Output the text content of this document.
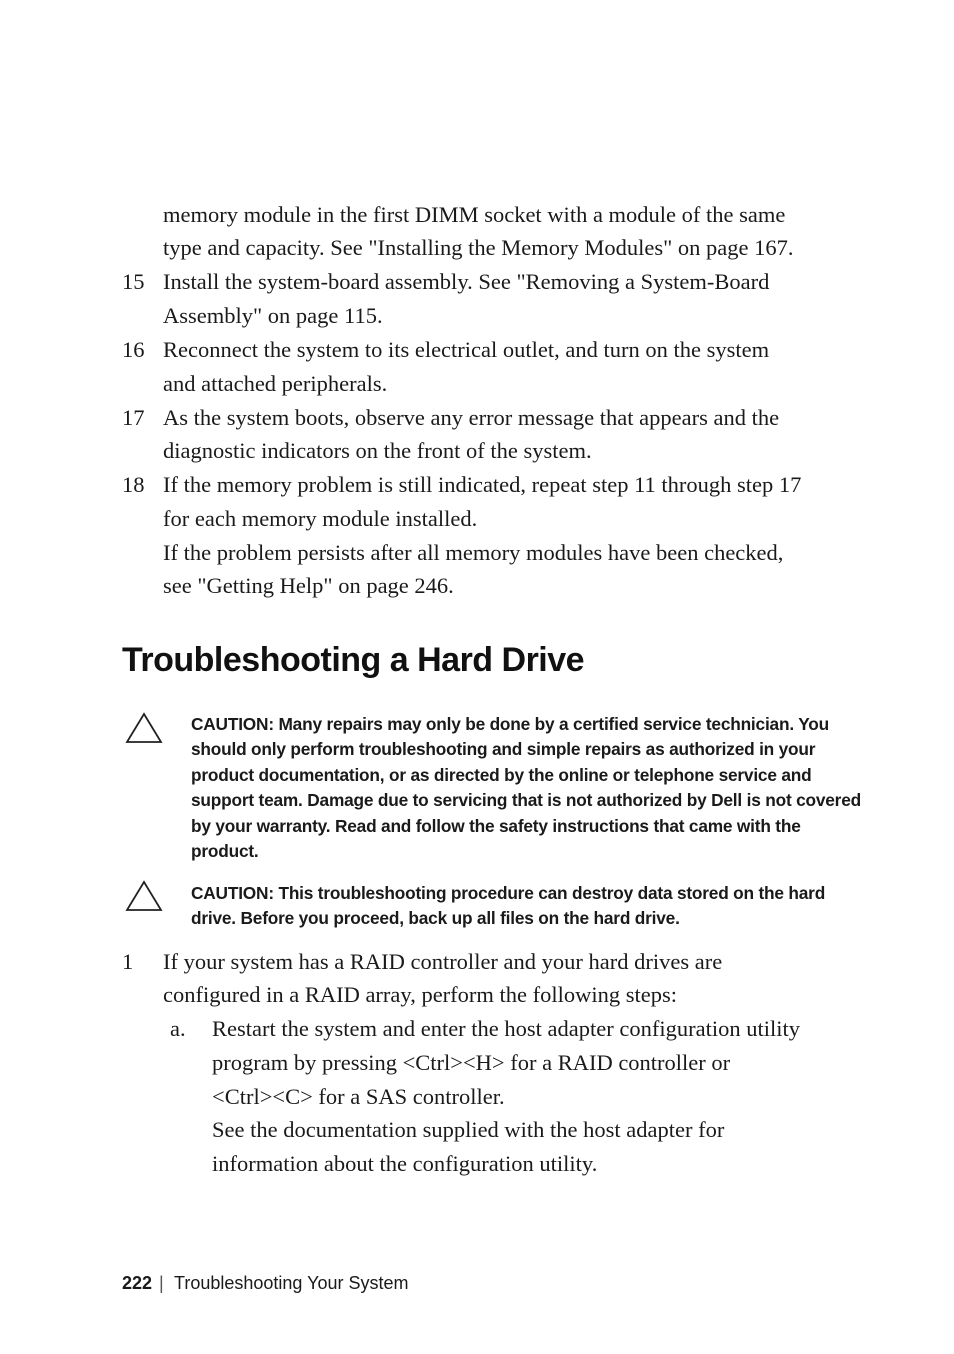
memory module in the first DIMM socket with a module of the same
type and capacity. See "Installing the Memory Modules" on page 167.
15 Install the system-board assembly. See "Removing a System-Board
Assembly" on page 115.
16 Reconnect the system to its electrical outlet, and turn on the system
and attached peripherals.
17 As the system boots, observe any error message that appears and the
diagnostic indicators on the front of the system.
18 If the memory problem is still indicated, repeat step 11 through step 17
for each memory module installed.
If the problem persists after all memory modules have been checked,
see "Getting Help" on page 246.
Troubleshooting a Hard Drive
CAUTION: Many repairs may only be done by a certified service technician. You should only perform troubleshooting and simple repairs as authorized in your product documentation, or as directed by the online or telephone service and support team. Damage due to servicing that is not authorized by Dell is not covered by your warranty. Read and follow the safety instructions that came with the product.
CAUTION: This troubleshooting procedure can destroy data stored on the hard drive. Before you proceed, back up all files on the hard drive.
1 If your system has a RAID controller and your hard drives are
configured in a RAID array, perform the following steps:
a. Restart the system and enter the host adapter configuration utility
program by pressing <Ctrl><H> for a RAID controller or
<Ctrl><C> for a SAS controller.
See the documentation supplied with the host adapter for
information about the configuration utility.
222 | Troubleshooting Your System
